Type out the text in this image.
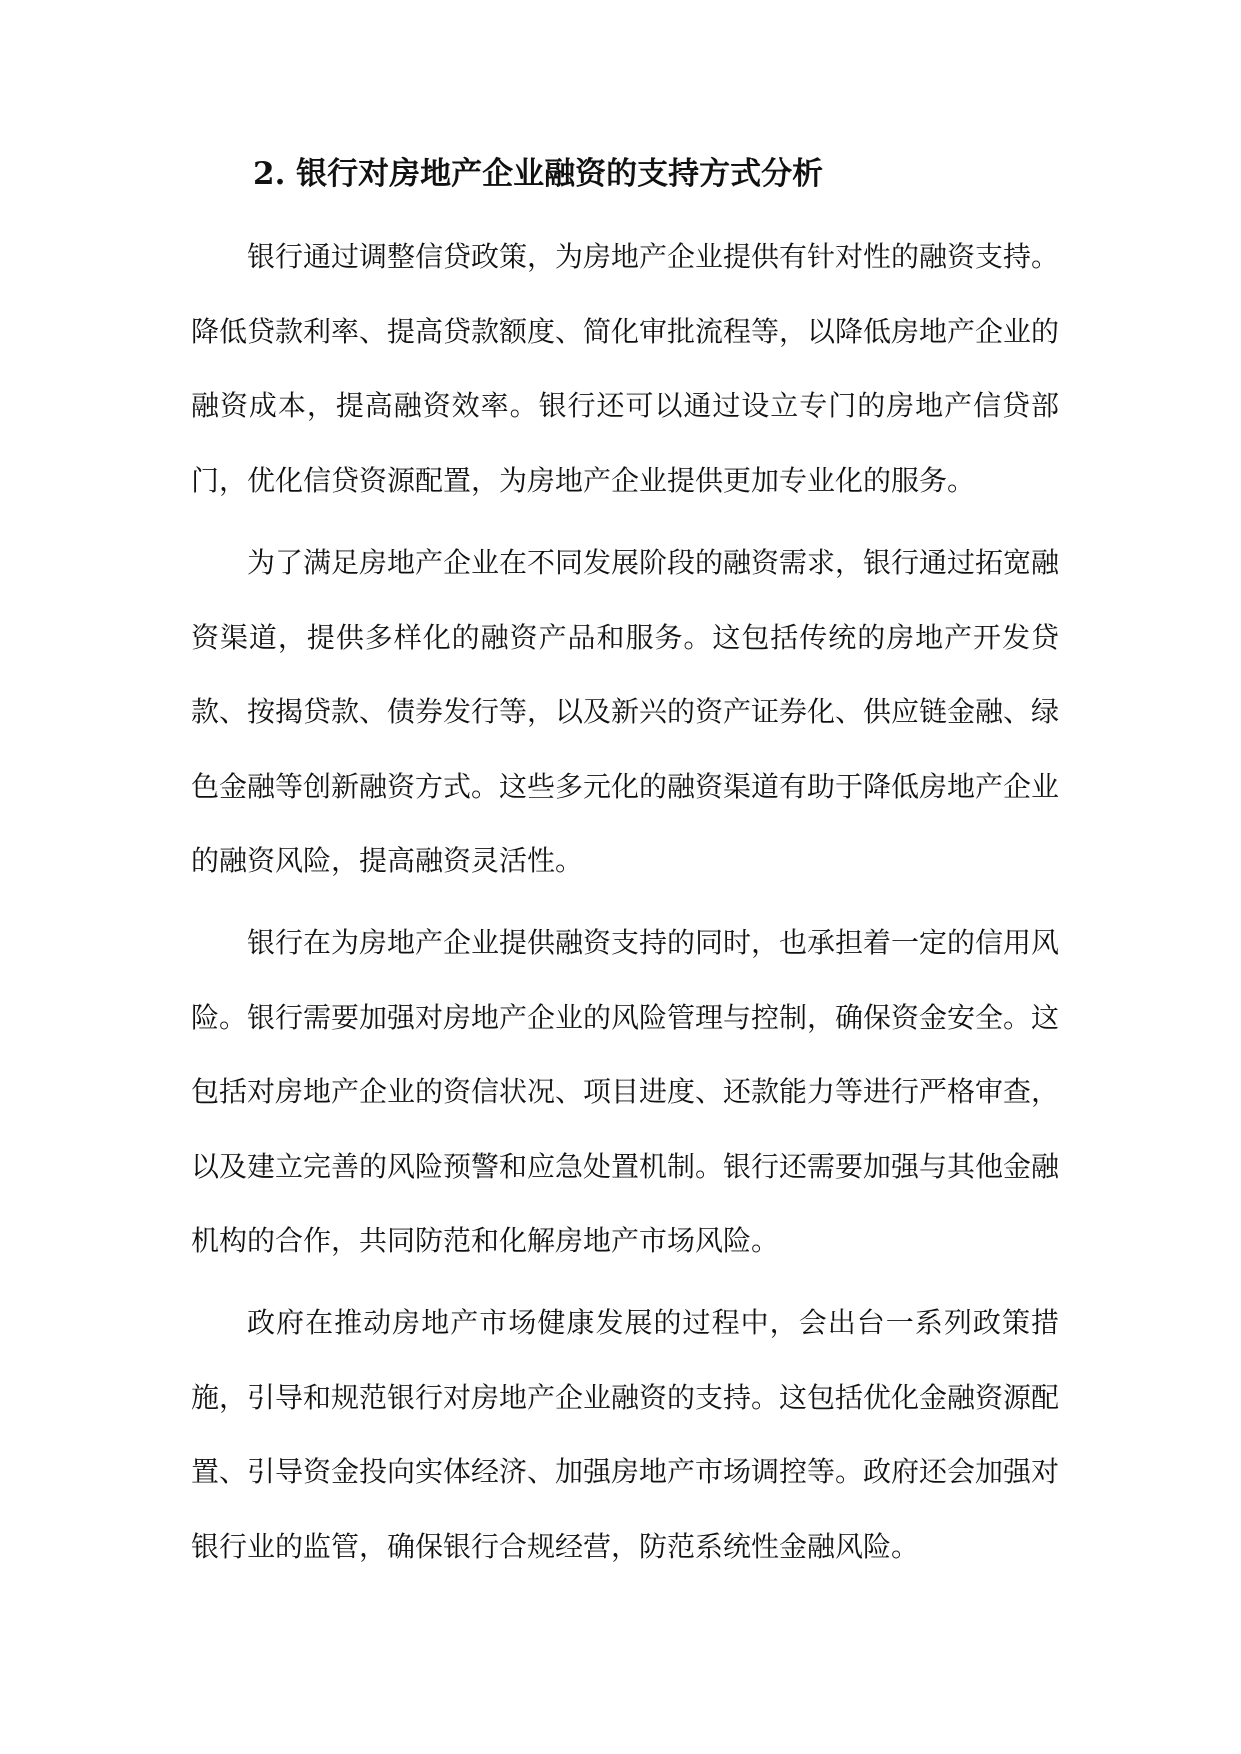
2. 银行对房地产企业融资的支持方式分析

银行通过调整信贷政策，为房地产企业提供有针对性的融资支持。降低贷款利率、提高贷款额度、简化审批流程等，以降低房地产企业的融资成本，提高融资效率。银行还可以通过设立专门的房地产信贷部门，优化信贷资源配置，为房地产企业提供更加专业化的服务。

为了满足房地产企业在不同发展阶段的融资需求，银行通过拓宽融资渠道，提供多样化的融资产品和服务。这包括传统的房地产开发贷款、按揭贷款、债券发行等，以及新兴的资产证券化、供应链金融、绿色金融等创新融资方式。这些多元化的融资渠道有助于降低房地产企业的融资风险，提高融资灵活性。

银行在为房地产企业提供融资支持的同时，也承担着一定的信用风险。银行需要加强对房地产企业的风险管理与控制，确保资金安全。这包括对房地产企业的资信状况、项目进度、还款能力等进行严格审查，以及建立完善的风险预警和应急处置机制。银行还需要加强与其他金融机构的合作，共同防范和化解房地产市场风险。

政府在推动房地产市场健康发展的过程中，会出台一系列政策措施，引导和规范银行对房地产企业融资的支持。这包括优化金融资源配置、引导资金投向实体经济、加强房地产市场调控等。政府还会加强对银行业的监管，确保银行合规经营，防范系统性金融风险。
